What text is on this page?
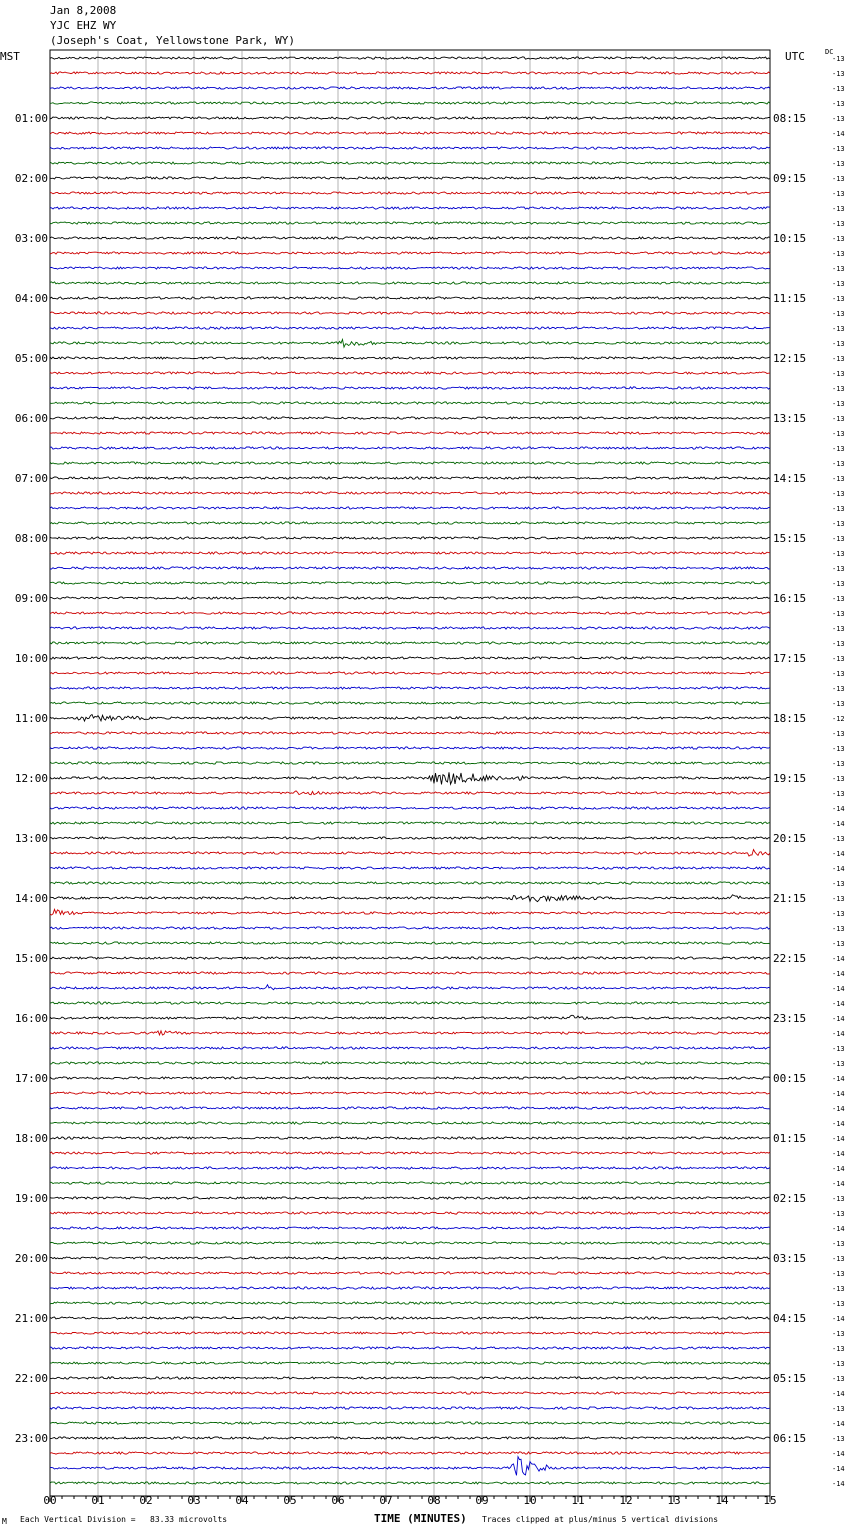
Jan 8,2008
YJC EHZ WY
(Joseph's Coat, Yellowstone Park, WY)
MST	UTC	DC
00	01	02	03	04	05	06	07	08	09	10	11	12	13	14	15
-13
-13
-13
-13
-13
01:00	08:15
-14
-13
-13
-13
02:00	09:15
-13
-13
-13
-13
03:00	10:15
-13
-13
-13
-13
04:00	11:15
-13
-13
-13
-13
05:00	12:15
-13
-13
-13
-13
06:00	13:15
-13
-13
-13
-13
07:00	14:15
-13
-13
-13
-13
08:00	15:15
-13
-13
-13
-13
09:00	16:15
-13
-13
-13
-13
10:00	17:15
-13
-13
-13
-12
11:00	18:15
-13
-13
-13
-13
12:00	19:15
-13
-14
-14
-13
13:00	20:15
-14
-14
-13
-13
14:00	21:15
-13
-13
-13
-14
15:00	22:15
-14
-14
-14
-14
16:00	23:15
-14
-13
-13
-14
17:00	00:15
-14
-14
-14
-14
18:00	01:15
-14
-14
-14
-13
19:00	02:15
-13
-14
-13
-13
20:00	03:15
-13
-13
-13
-14
21:00	04:15
-13
-13
-13
-13
22:00	05:15
-14
-13
-14
-13
23:00	06:15
-14
-14
-14
M Each Vertical Division =   83.33 microvolts	TIME (MINUTES) Traces clipped at plus/minus 5 vertical divisions
